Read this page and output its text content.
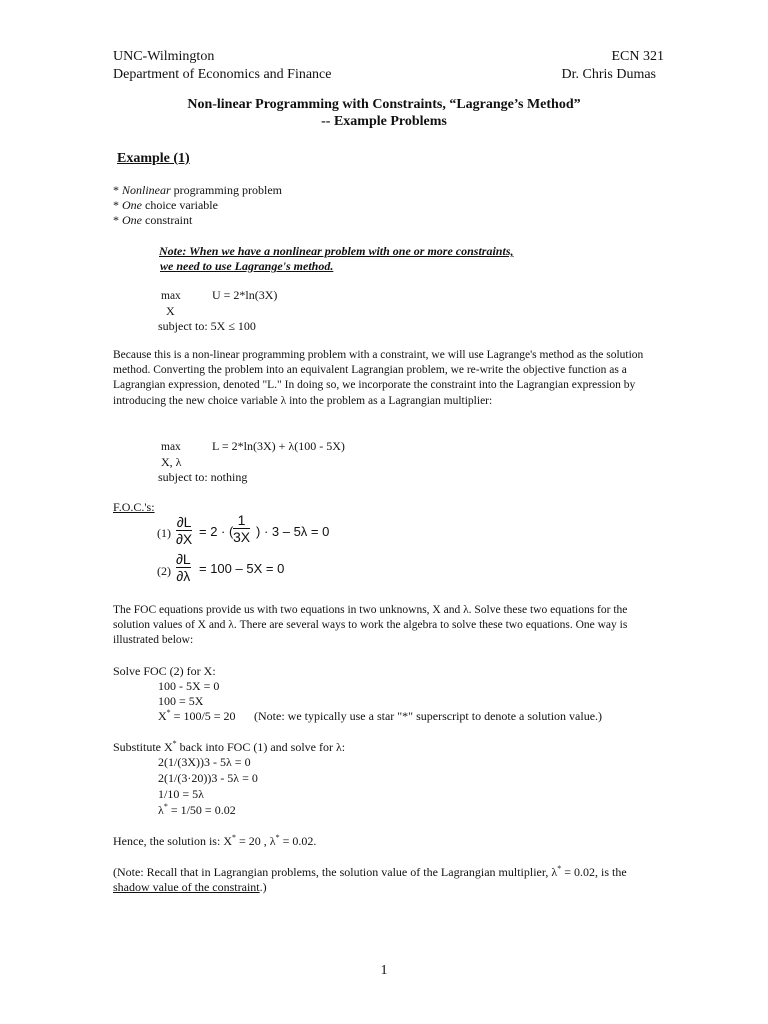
UNC-Wilmington
Department of Economics and Finance
ECN 321
Dr. Chris Dumas
Non-linear Programming with Constraints, “Lagrange’s Method”
-- Example Problems
Example (1)
* Nonlinear programming problem
* One choice variable
* One constraint
Note: When we have a nonlinear problem with one or more constraints,
we need to use Lagrange's method.
max	U = 2*ln(3X)
X
subject to: 5X ≤ 100
Because this is a non-linear programming problem with a constraint, we will use Lagrange's method as the solution method. Converting the problem into an equivalent Lagrangian problem, we re-write the objective function as a Lagrangian expression, denoted "L." In doing so, we incorporate the constraint into the Lagrangian expression by introducing the new choice variable λ into the problem as a Lagrangian multiplier:
max	L = 2*ln(3X) + λ(100 - 5X)
X, λ
subject to: nothing
F.O.C.'s:
(1)
∂L
∂X = 2 · (
1
3X ) · 3 – 5λ = 0
(2)
∂L
∂λ = 100 – 5X = 0
The FOC equations provide us with two equations in two unknowns, X and λ. Solve these two equations for the solution values of X and λ. There are several ways to work the algebra to solve these two equations. One way is illustrated below:
Solve FOC (2) for X:
100 - 5X = 0
100 = 5X
X* = 100/5 = 20 (Note: we typically use a star "*" superscript to denote a solution value.)
Substitute X* back into FOC (1) and solve for λ:
2(1/(3X))3 - 5λ = 0
2(1/(3·20))3 - 5λ = 0
1/10 = 5λ
λ* = 1/50 = 0.02
Hence, the solution is: X* = 20 , λ* = 0.02.
(Note: Recall that in Lagrangian problems, the solution value of the Lagrangian multiplier, λ* = 0.02, is the
shadow value of the constraint.)
1
